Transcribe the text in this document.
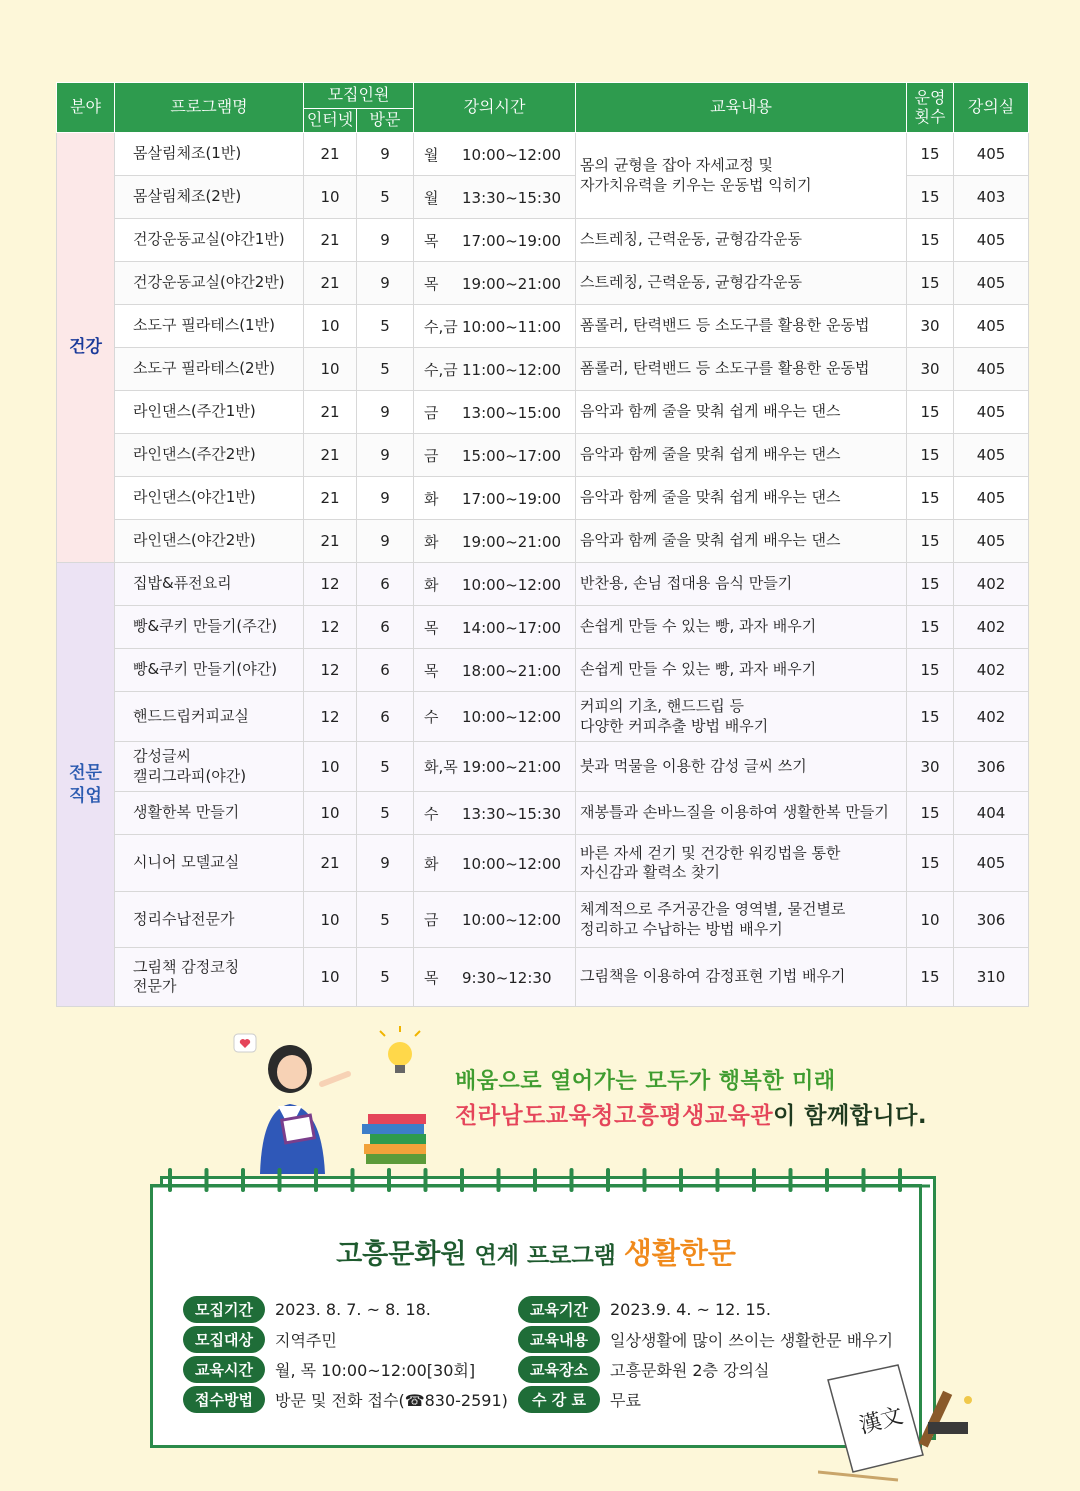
분야	프로그램명	모집인원		강의시간	교육내용	운영
횟수	강의실
		인터넷	방문				
건강	몸살림체조(1반)	21	9	월 10:00~12:00	몸의 균형을 잡아 자세교정 및
자가치유력을 키우는 운동법 익히기	15	405
	몸살림체조(2반)	10	5	월 13:30~15:30		15	403
	건강운동교실(야간1반)	21	9	목 17:00~19:00	스트레칭, 근력운동, 균형감각운동	15	405
	건강운동교실(야간2반)	21	9	목 19:00~21:00	스트레칭, 근력운동, 균형감각운동	15	405
	소도구 필라테스(1반)	10	5	수,금 10:00~11:00	폼롤러, 탄력밴드 등 소도구를 활용한 운동법	30	405
	소도구 필라테스(2반)	10	5	수,금 11:00~12:00	폼롤러, 탄력밴드 등 소도구를 활용한 운동법	30	405
	라인댄스(주간1반)	21	9	금 13:00~15:00	음악과 함께 줄을 맞춰 쉽게 배우는 댄스	15	405
	라인댄스(주간2반)	21	9	금 15:00~17:00	음악과 함께 줄을 맞춰 쉽게 배우는 댄스	15	405
	라인댄스(야간1반)	21	9	화 17:00~19:00	음악과 함께 줄을 맞춰 쉽게 배우는 댄스	15	405
	라인댄스(야간2반)	21	9	화 19:00~21:00	음악과 함께 줄을 맞춰 쉽게 배우는 댄스	15	405
전문
직업	집밥&퓨전요리	12	6	화 10:00~12:00	반찬용, 손님 접대용 음식 만들기	15	402
	빵&쿠키 만들기(주간)	12	6	목 14:00~17:00	손쉽게 만들 수 있는 빵, 과자 배우기	15	402
	빵&쿠키 만들기(야간)	12	6	목 18:00~21:00	손쉽게 만들 수 있는 빵, 과자 배우기	15	402
	핸드드립커피교실	12	6	수 10:00~12:00	커피의 기초, 핸드드립 등
다양한 커피추출 방법 배우기	15	402
	감성글씨
캘리그라피(야간)	10	5	화,목 19:00~21:00	붓과 먹물을 이용한 감성 글씨 쓰기	30	306
	생활한복 만들기	10	5	수 13:30~15:30	재봉틀과 손바느질을 이용하여 생활한복 만들기	15	404
	시니어 모델교실	21	9	화 10:00~12:00	바른 자세 걷기 및 건강한 워킹법을 통한
자신감과 활력소 찾기	15	405
	정리수납전문가	10	5	금 10:00~12:00	체계적으로 주거공간을 영역별, 물건별로
정리하고 수납하는 방법 배우기	10	306
	그림책 감정코칭
전문가	10	5	목 9:30~12:30	그림책을 이용하여 감정표현 기법 배우기	15	310
배움으로 열어가는 모두가 행복한 미래
전라남도교육청고흥평생교육관이 함께합니다.
고흥문화원 연계 프로그램 생활한문
모집기간	2023. 8. 7. ~ 8. 18.
모집대상	지역주민
교육시간	월, 목 10:00~12:00[30회]
접수방법	방문 및 전화 접수(☎830-2591)
교육기간	2023.9. 4. ~ 12. 15.
교육내용	일상생활에 많이 쓰이는 생활한문 배우기
교육장소	고흥문화원 2층 강의실
수 강 료	무료
漢文
